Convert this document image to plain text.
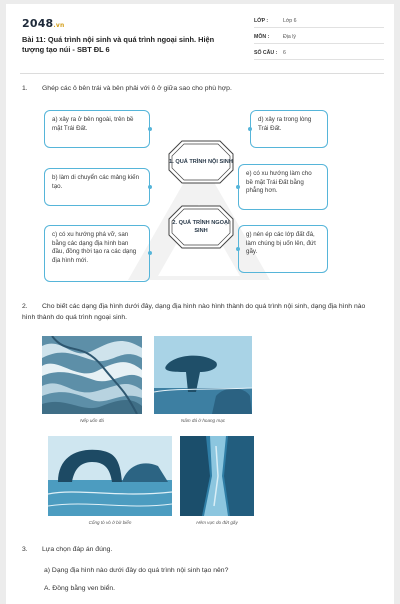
2048.vn
Bài 11: Quá trình nội sinh và quá trình ngoại sinh. Hiện tượng tạo núi - SBT ĐL 6
LỚP :	Lớp 6
MÔN :	Địa lý
SỐ CÂU :	6
1. Ghép các ô bên trái và bên phải với ô ở giữa sao cho phù hợp.
a) xảy ra ở bên ngoài, trên bề mặt Trái Đất.
b) làm di chuyển các mảng kiến tạo.
c) có xu hướng phá vỡ, san bằng các dạng địa hình ban đầu, đồng thời tạo ra các dạng địa hình mới.
1. QUÁ TRÌNH NỘI SINH
2. QUÁ TRÌNH NGOẠI SINH
d) xảy ra trong lòng Trái Đất.
e) có xu hướng làm cho bề mặt Trái Đất bằng phẳng hơn.
g) nén ép các lớp đất đá, làm chúng bị uốn lên, đứt gãy.
2. Cho biết các dạng địa hình dưới đây, dạng địa hình nào hình thành do quá trình nội sinh, dạng địa hình nào hình thành do quá trình ngoại sinh.
Nếp uốn đá	Nấm đá ở hoang mạc
Cổng tò vò ở bờ biển	Hẻm vực do đứt gãy
3. Lựa chọn đáp án đúng.
a) Dạng địa hình nào dưới đây do quá trình nội sinh tạo nên?
A. Đồng bằng ven biển.
